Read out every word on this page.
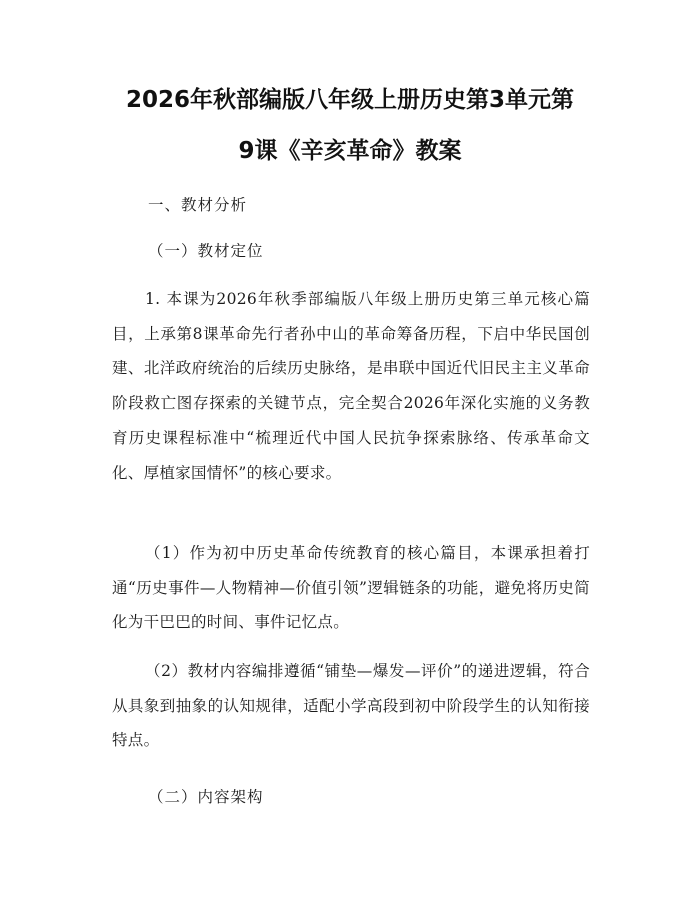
2026年秋部编版八年级上册历史第3单元第
9课《辛亥革命》教案

一、教材分析

（一）教材定位

1. 本课为2026年秋季部编版八年级上册历史第三单元核心篇目，上承第8课革命先行者孙中山的革命筹备历程，下启中华民国创建、北洋政府统治的后续历史脉络，是串联中国近代旧民主主义革命阶段救亡图存探索的关键节点，完全契合2026年深化实施的义务教育历史课程标准中“梳理近代中国人民抗争探索脉络、传承革命文化、厚植家国情怀”的核心要求。

（1）作为初中历史革命传统教育的核心篇目，本课承担着打通“历史事件—人物精神—价值引领”逻辑链条的功能，避免将历史简化为干巴巴的时间、事件记忆点。

（2）教材内容编排遵循“铺垫—爆发—评价”的递进逻辑，符合从具象到抽象的认知规律，适配小学高段到初中阶段学生的认知衔接特点。

（二）内容架构
